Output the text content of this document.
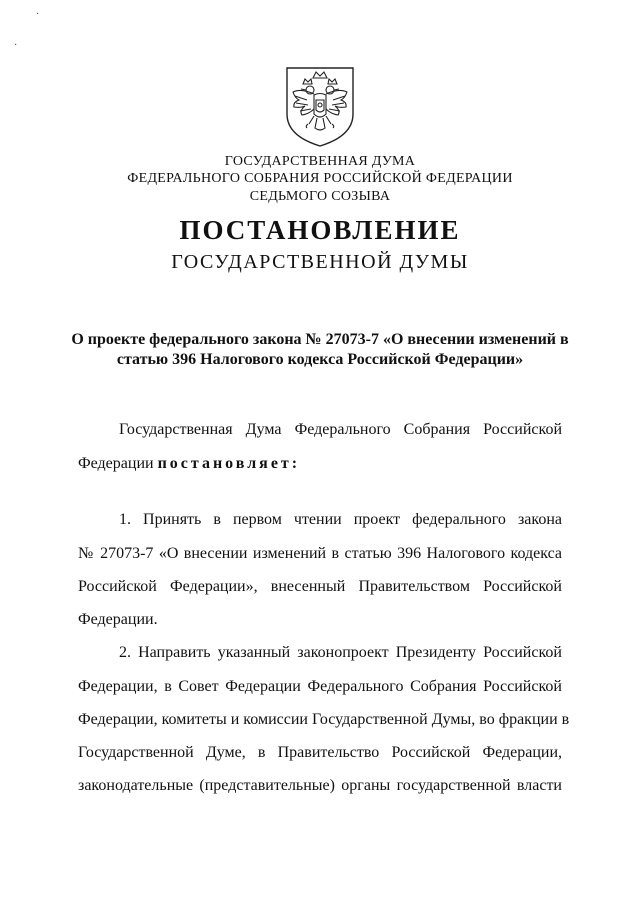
·
·
ГОСУДАРСТВЕННАЯ ДУМА
ФЕДЕРАЛЬНОГО СОБРАНИЯ РОССИЙСКОЙ ФЕДЕРАЦИИ
СЕДЬМОГО СОЗЫВА
ПОСТАНОВЛЕНИЕ
ГОСУДАРСТВЕННОЙ ДУМЫ
О проекте федерального закона № 27073-7 «О внесении изменений в
статью 396 Налогового кодекса Российской Федерации»
Государственная Дума Федерального Собрания Российской
Федерации постановляет:
1. Принять в первом чтении проект федерального закона
№ 27073-7 «О внесении изменений в статью 396 Налогового кодекса
Российской Федерации», внесенный Правительством Российской
Федерации.
2. Направить указанный законопроект Президенту Российской
Федерации, в Совет Федерации Федерального Собрания Российской
Федерации, комитеты и комиссии Государственной Думы, во фракции в
Государственной Думе, в Правительство Российской Федерации,
законодательные (представительные) органы государственной власти
